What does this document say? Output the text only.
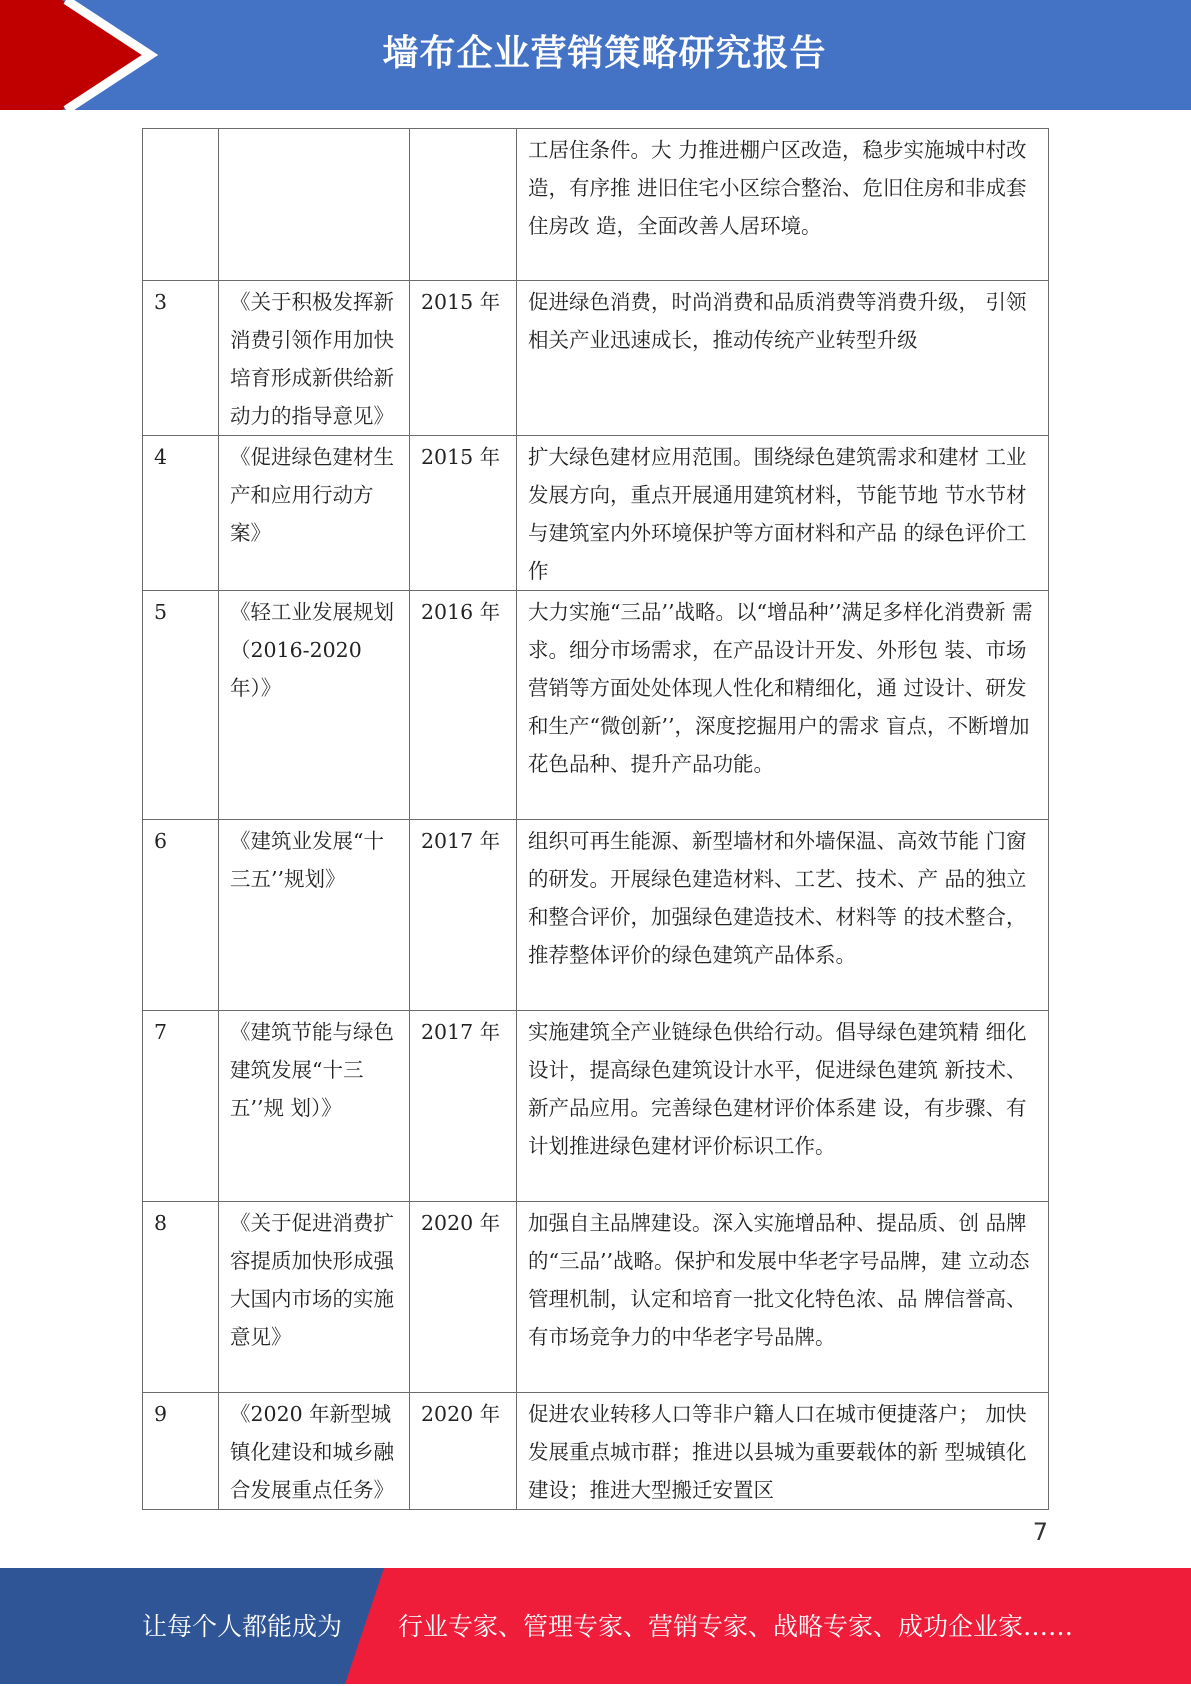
墙布企业营销策略研究报告
			工居住条件。大 力推进棚户区改造，稳步实施城中村改造，有序推 进旧住宅小区综合整治、危旧住房和非成套住房改 造，全面改善人居环境。
3	《关于积极发挥新消费引领作用加快培育形成新供给新动力的指导意见》	2015 年	促进绿色消费，时尚消费和品质消费等消费升级， 引领相关产业迅速成长，推动传统产业转型升级
4	《促进绿色建材生产和应用行动方案》	2015 年	扩大绿色建材应用范围。围绕绿色建筑需求和建材 工业发展方向，重点开展通用建筑材料，节能节地 节水节材与建筑室内外环境保护等方面材料和产品 的绿色评价工作
5	《轻工业发展规划（2016-2020 年）》	2016 年	大力实施“三品’’战略。以“增品种’’满足多样化消费新 需求。细分市场需求，在产品设计开发、外形包 装、市场营销等方面处处体现人性化和精细化，通 过设计、研发和生产“微创新’’，深度挖掘用户的需求 盲点，不断增加花色品种、提升产品功能。
6	《建筑业发展“十三五’’规划》	2017 年	组织可再生能源、新型墙材和外墙保温、高效节能 门窗的研发。开展绿色建造材料、工艺、技术、产 品的独立和整合评价，加强绿色建造技术、材料等 的技术整合，推荐整体评价的绿色建筑产品体系。
7	《建筑节能与绿色建筑发展“十三五’’规 划）》	2017 年	实施建筑全产业链绿色供给行动。倡导绿色建筑精 细化设计，提高绿色建筑设计水平，促进绿色建筑 新技术、新产品应用。完善绿色建材评价体系建 设，有步骤、有计划推进绿色建材评价标识工作。
8	《关于促进消费扩容提质加快形成强大国内市场的实施意见》	2020 年	加强自主品牌建设。深入实施增品种、提品质、创 品牌的“三品’’战略。保护和发展中华老字号品牌，建 立动态管理机制，认定和培育一批文化特色浓、品 牌信誉高、有市场竞争力的中华老字号品牌。
9	《2020 年新型城镇化建设和城乡融合发展重点任务》	2020 年	促进农业转移人口等非户籍人口在城市便捷落户； 加快发展重点城市群；推进以县城为重要载体的新 型城镇化建设；推进大型搬迁安置区
7
让每个人都能成为 行业专家、管理专家、营销专家、战略专家、成功企业家……
